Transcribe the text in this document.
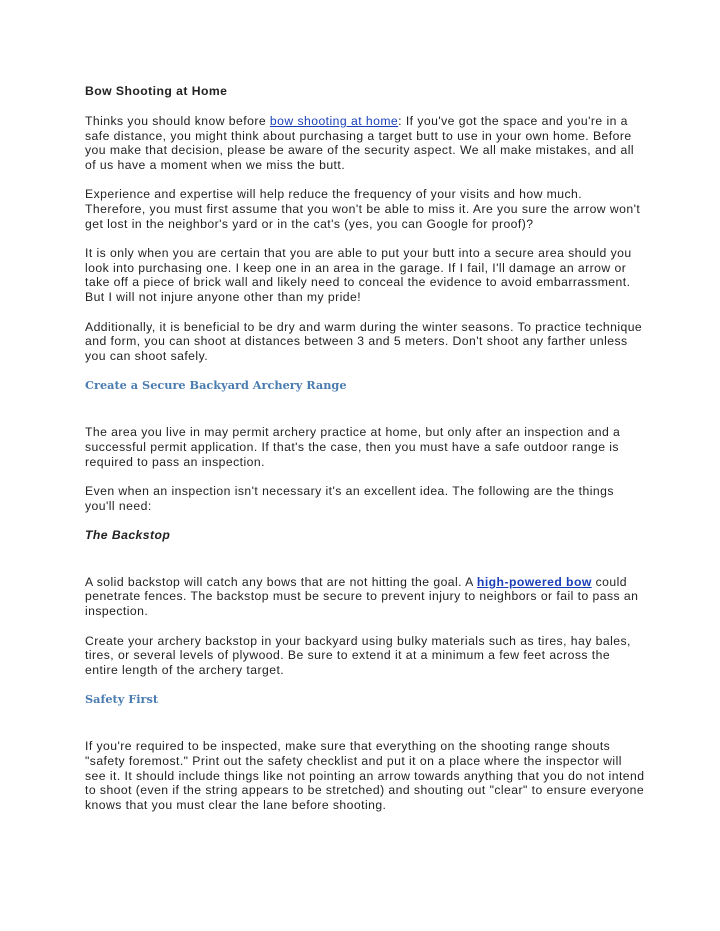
Bow Shooting at Home

Thinks you should know before bow shooting at home: If you've got the space and you're in a safe distance, you might think about purchasing a target butt to use in your own home. Before you make that decision, please be aware of the security aspect. We all make mistakes, and all of us have a moment when we miss the butt.

Experience and expertise will help reduce the frequency of your visits and how much. Therefore, you must first assume that you won't be able to miss it. Are you sure the arrow won't get lost in the neighbor's yard or in the cat's (yes, you can Google for proof)?

It is only when you are certain that you are able to put your butt into a secure area should you look into purchasing one. I keep one in an area in the garage. If I fail, I'll damage an arrow or take off a piece of brick wall and likely need to conceal the evidence to avoid embarrassment. But I will not injure anyone other than my pride!

Additionally, it is beneficial to be dry and warm during the winter seasons. To practice technique and form, you can shoot at distances between 3 and 5 meters. Don't shoot any farther unless you can shoot safely.

Create a Secure Backyard Archery Range

The area you live in may permit archery practice at home, but only after an inspection and a successful permit application. If that's the case, then you must have a safe outdoor range is required to pass an inspection.

Even when an inspection isn't necessary it's an excellent idea. The following are the things you'll need:

The Backstop

A solid backstop will catch any bows that are not hitting the goal. A high-powered bow could penetrate fences. The backstop must be secure to prevent injury to neighbors or fail to pass an inspection.

Create your archery backstop in your backyard using bulky materials such as tires, hay bales, tires, or several levels of plywood. Be sure to extend it at a minimum a few feet across the entire length of the archery target.

Safety First

If you're required to be inspected, make sure that everything on the shooting range shouts "safety foremost." Print out the safety checklist and put it on a place where the inspector will see it. It should include things like not pointing an arrow towards anything that you do not intend to shoot (even if the string appears to be stretched) and shouting out "clear" to ensure everyone knows that you must clear the lane before shooting.
